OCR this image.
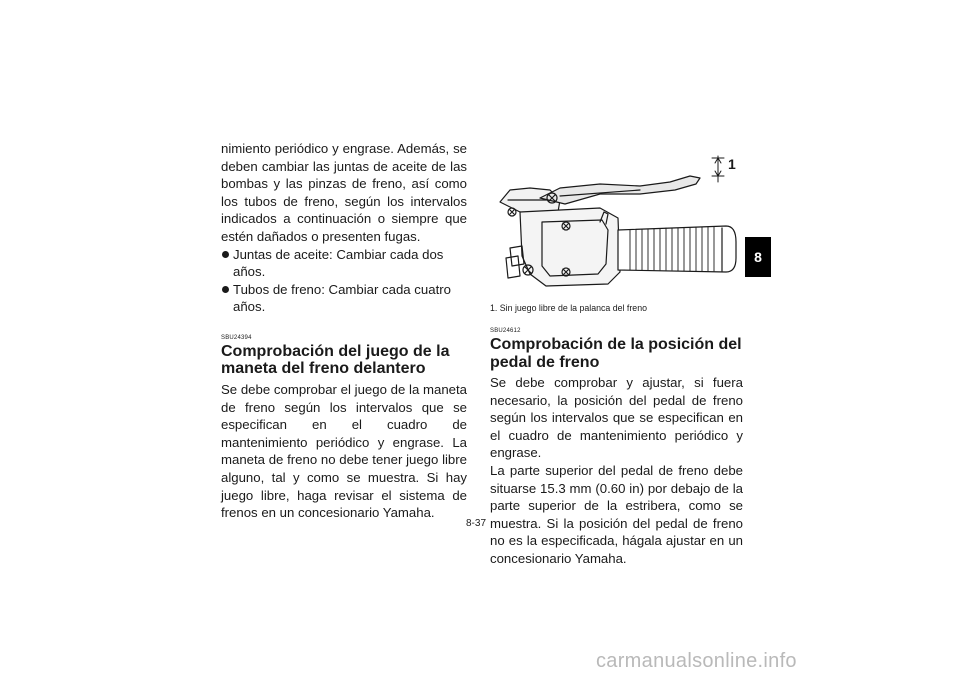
nimiento periódico y engrase. Además, se deben cambiar las juntas de aceite de las bombas y las pinzas de freno, así como los tubos de freno, según los intervalos indicados a continuación o siempre que estén dañados o presenten fugas.

Juntas de aceite: Cambiar cada dos años.
Tubos de freno: Cambiar cada cuatro años.
SBU24394
Comprobación del juego de la maneta del freno delantero

Se debe comprobar el juego de la maneta de freno según los intervalos que se especifican en el cuadro de mantenimiento periódico y engrase. La maneta de freno no debe tener juego libre alguno, tal y como se muestra. Si hay juego libre, haga revisar el sistema de frenos en un concesionario Yamaha.

1
1. Sin juego libre de la palanca del freno
SBU24612
Comprobación de la posición del pedal de freno

Se debe comprobar y ajustar, si fuera necesario, la posición del pedal de freno según los intervalos que se especifican en el cuadro de mantenimiento periódico y engrase.

La parte superior del pedal de freno debe situarse 15.3 mm (0.60 in) por debajo de la parte superior de la estribera, como se muestra. Si la posición del pedal de freno no es la especificada, hágala ajustar en un concesionario Yamaha.

8
8-37
carmanualsonline.info
